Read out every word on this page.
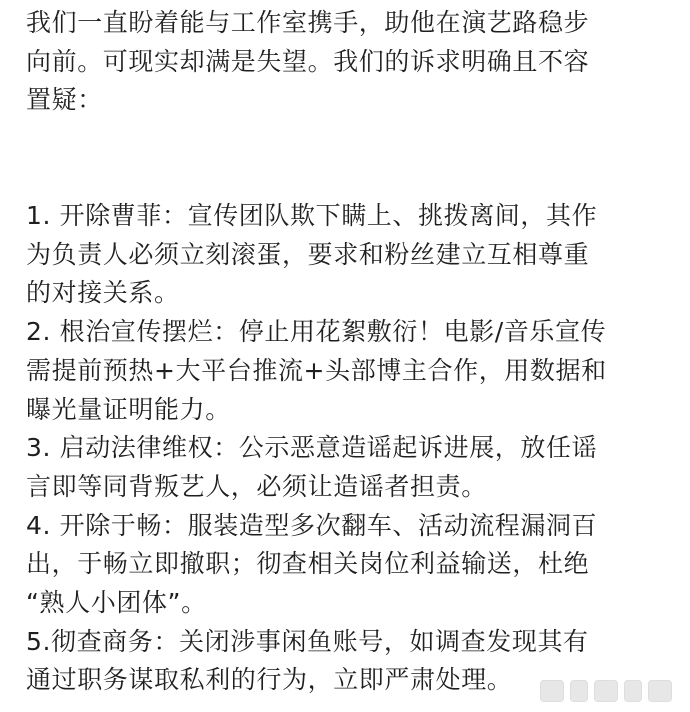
我们一直盼着能与工作室携手，助他在演艺路稳步
向前。可现实却满是失望。我们的诉求明确且不容
置疑：
1. 开除曹菲：宣传团队欺下瞒上、挑拨离间，其作
为负责人必须立刻滚蛋，要求和粉丝建立互相尊重
的对接关系。
2. 根治宣传摆烂：停止用花絮敷衍！电影/音乐宣传
需提前预热+大平台推流+头部博主合作，用数据和
曝光量证明能力。
3. 启动法律维权：公示恶意造谣起诉进展，放任谣
言即等同背叛艺人，必须让造谣者担责。
4. 开除于畅：服装造型多次翻车、活动流程漏洞百
出，于畅立即撤职；彻查相关岗位利益输送，杜绝
“熟人小团体”。
5.彻查商务：关闭涉事闲鱼账号，如调查发现其有
通过职务谋取私利的行为，立即严肃处理。
